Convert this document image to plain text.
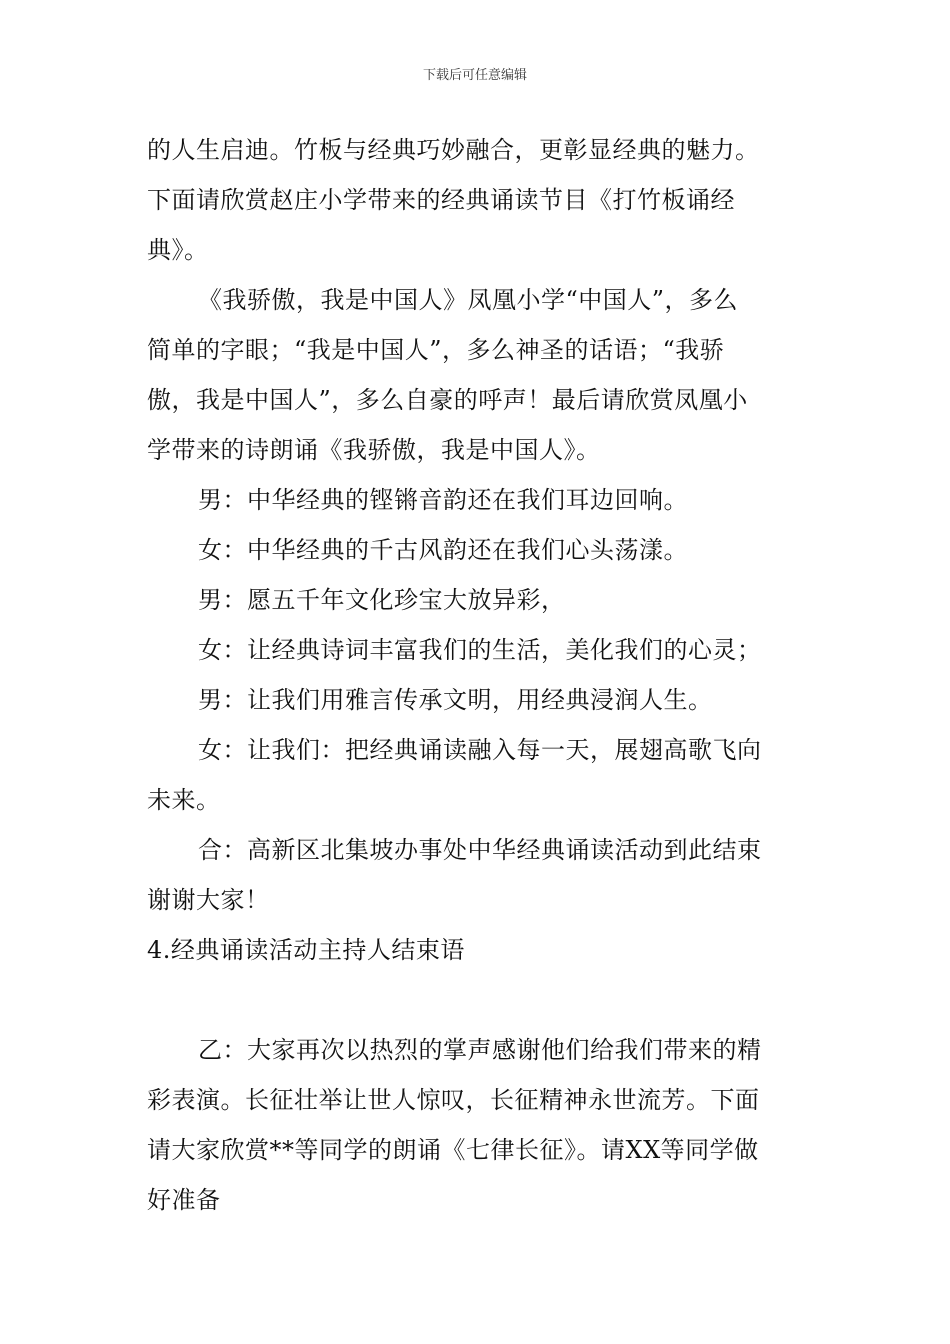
下载后可任意编辑
的人生启迪。竹板与经典巧妙融合，更彰显经典的魅力。
下面请欣赏赵庄小学带来的经典诵读节目《打竹板诵经
典》。
《我骄傲，我是中国人》凤凰小学“中国人”，多么
简单的字眼；“我是中国人”，多么神圣的话语；“我骄
傲，我是中国人”，多么自豪的呼声！最后请欣赏凤凰小
学带来的诗朗诵《我骄傲，我是中国人》。
男：中华经典的铿锵音韵还在我们耳边回响。
女：中华经典的千古风韵还在我们心头荡漾。
男：愿五千年文化珍宝大放异彩，
女：让经典诗词丰富我们的生活，美化我们的心灵；
男：让我们用雅言传承文明，用经典浸润人生。
女：让我们：把经典诵读融入每一天，展翅高歌飞向
未来。
合：高新区北集坡办事处中华经典诵读活动到此结束
谢谢大家！
4.经典诵读活动主持人结束语
乙：大家再次以热烈的掌声感谢他们给我们带来的精
彩表演。长征壮举让世人惊叹，长征精神永世流芳。下面
请大家欣赏**等同学的朗诵《七律长征》。请XX等同学做
好准备
